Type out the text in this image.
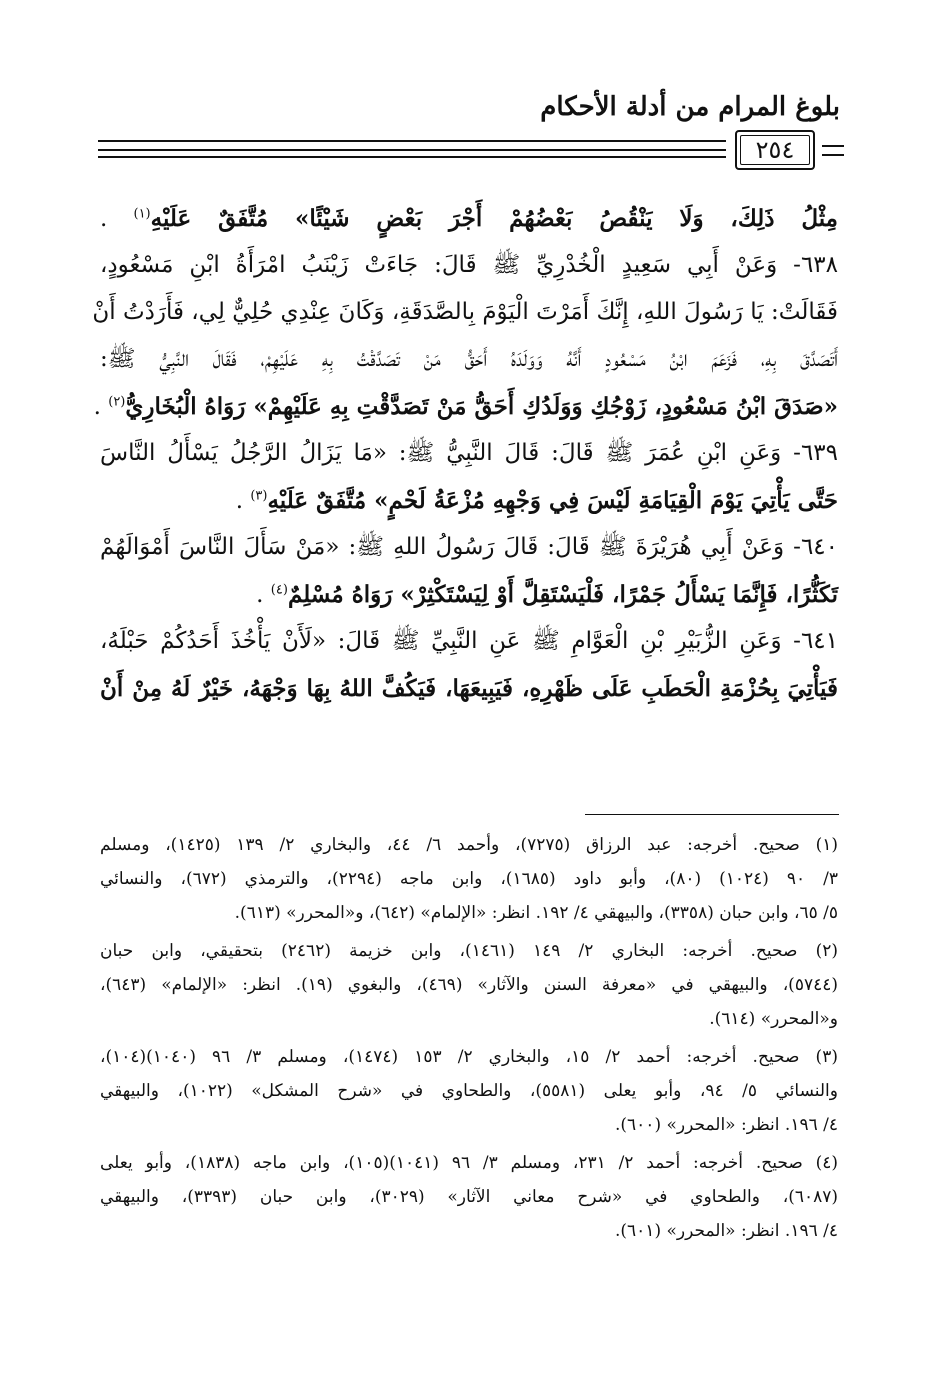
بلوغ المرام من أدلة الأحكام
٢٥٤
مِثْلُ ذَلِكَ، وَلَا يَنْقُصُ بَعْضُهُمْ أَجْرَ بَعْضٍ شَيْئًا» مُتَّفَقٌ عَلَيْهِ$^{(١)}$ .
٦٣٨- وَعَنْ أَبِي سَعِيدٍ الْخُدْرِيِّ ﷺ قَالَ: جَاءَتْ زَيْنَبُ امْرَأَةُ ابْنِ مَسْعُودٍ،
فَقَالَتْ: يَا رَسُولَ اللهِ، إِنَّكَ أَمَرْتَ الْيَوْمَ بِالصَّدَقَةِ، وَكَانَ عِنْدِي حُلِيٌّ لِي، فَأَرَدْتُ أَنْ
أَتَصَدَّقَ بِهِ، فَزَعَمَ ابْنُ مَسْعُودٍ أَنَّهُ وَوَلَدَهُ أَحَقُّ مَنْ تَصَدَّقْتُ بِهِ عَلَيْهِمْ، فَقَالَ النَّبِيُّ ﷺ:
«صَدَقَ ابْنُ مَسْعُودٍ، زَوْجُكِ وَوَلَدُكِ أَحَقُّ مَنْ تَصَدَّقْتِ بِهِ عَلَيْهِمْ» رَوَاهُ الْبُخَارِيُّ$^{(٢)}$ .
٦٣٩- وَعَنِ ابْنِ عُمَرَ ﷺ قَالَ: قَالَ النَّبِيُّ ﷺ: «مَا يَزَالُ الرَّجُلُ يَسْأَلُ النَّاسَ
حَتَّى يَأْتِيَ يَوْمَ الْقِيَامَةِ لَيْسَ فِي وَجْهِهِ مُزْعَةُ لَحْمٍ» مُتَّفَقٌ عَلَيْهِ$^{(٣)}$ .
٦٤٠- وَعَنْ أَبِي هُرَيْرَةَ ﷺ قَالَ: قَالَ رَسُولُ اللهِ ﷺ: «مَنْ سَأَلَ النَّاسَ أَمْوَالَهُمْ
تَكَثُّرًا، فَإِنَّمَا يَسْأَلُ جَمْرًا، فَلْيَسْتَقِلَّ أَوْ لِيَسْتَكْثِرْ» رَوَاهُ مُسْلِمٌ$^{(٤)}$ .
٦٤١- وَعَنِ الزُّبَيْرِ بْنِ الْعَوَّامِ ﷺ عَنِ النَّبِيِّ ﷺ قَالَ: «لَأَنْ يَأْخُذَ أَحَدُكُمْ حَبْلَهُ،
فَيَأْتِيَ بِحُزْمَةِ الْحَطَبِ عَلَى ظَهْرِهِ، فَيَبِيعَهَا، فَيَكُفَّ اللهُ بِهَا وَجْهَهُ، خَيْرٌ لَهُ مِنْ أَنْ
(١) صحيح. أخرجه: عبد الرزاق (٧٢٧٥)، وأحمد ٦/ ٤٤، والبخاري ٢/ ١٣٩ (١٤٢٥)، ومسلم
٣/ ٩٠ (١٠٢٤) (٨٠)، وأبو داود (١٦٨٥)، وابن ماجه (٢٢٩٤)، والترمذي (٦٧٢)، والنسائي
٥/ ٦٥، وابن حبان (٣٣٥٨)، والبيهقي ٤/ ١٩٢. انظر: «الإلمام» (٦٤٢)، و«المحرر» (٦١٣).
(٢) صحيح. أخرجه: البخاري ٢/ ١٤٩ (١٤٦١)، وابن خزيمة (٢٤٦٢) بتحقيقي، وابن حبان
(٥٧٤٤)، والبيهقي في «معرفة السنن والآثار» (٤٦٩)، والبغوي (١٩). انظر: «الإلمام» (٦٤٣)،
و«المحرر» (٦١٤).
(٣) صحيح. أخرجه: أحمد ٢/ ١٥، والبخاري ٢/ ١٥٣ (١٤٧٤)، ومسلم ٣/ ٩٦ (١٠٤٠)(١٠٤)،
والنسائي ٥/ ٩٤، وأبو يعلى (٥٥٨١)، والطحاوي في «شرح المشكل» (١٠٢٢)، والبيهقي
٤/ ١٩٦. انظر: «المحرر» (٦٠٠).
(٤) صحيح. أخرجه: أحمد ٢/ ٢٣١، ومسلم ٣/ ٩٦ (١٠٤١)(١٠٥)، وابن ماجه (١٨٣٨)، وأبو يعلى
(٦٠٨٧)، والطحاوي في «شرح معاني الآثار» (٣٠٢٩)، وابن حبان (٣٣٩٣)، والبيهقي
٤/ ١٩٦. انظر: «المحرر» (٦٠١).
